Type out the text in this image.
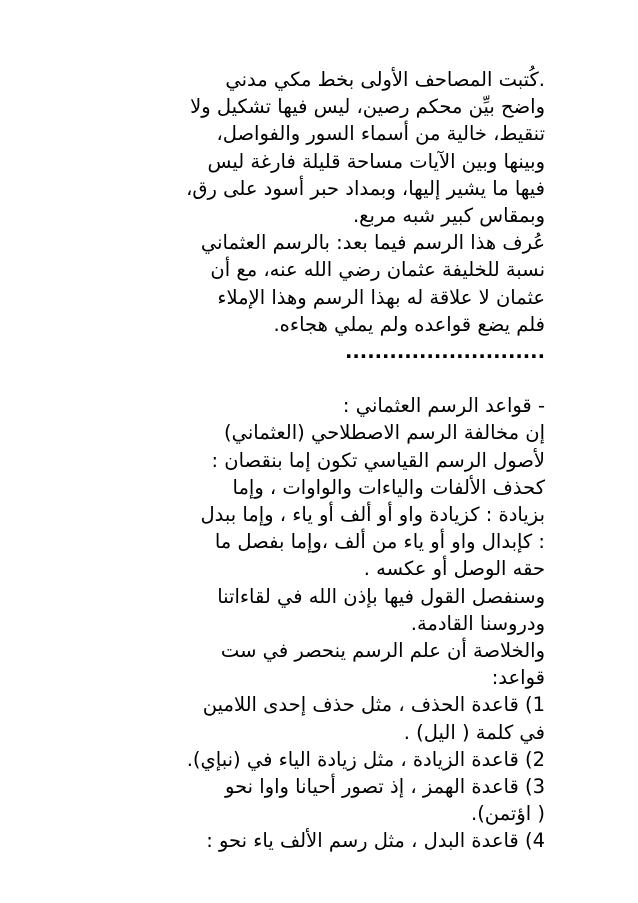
.كُتبت المصاحف الأولى بخط مكي مدني
واضح بيِّن محكم رصين، ليس فيها تشكيل ولا
تنقيط، خالية من أسماء السور والفواصل،
وبينها وبين الآيات مساحة قليلة فارغة ليس
فيها ما يشير إليها، وبمداد حبر أسود على رق،
وبمقاس كبير شبه مربع.
عُرف هذا الرسم فيما بعد: بالرسم العثماني
نسبة للخليفة عثمان رضي الله عنه، مع أن
عثمان لا علاقة له بهذا الرسم وهذا الإملاء
فلم يضع قواعده ولم يملي هجاءه.
...........................
- قواعد الرسم العثماني :
إن مخالفة الرسم الاصطلاحي (العثماني)
لأصول الرسم القياسي تكون إما بنقصان :
كحذف الألفات والياءات والواوات ، وإما
بزيادة : كزيادة واو أو ألف أو ياء ، وإما ببدل
: كإبدال واو أو ياء من ألف ،وإما بفصل ما
حقه الوصل أو عكسه .
وسنفصل القول فيها بإذن الله في لقاءاتنا
ودروسنا القادمة.
والخلاصة أن علم الرسم ينحصر في ست
قواعد:
1) قاعدة الحذف ، مثل حذف إحدى اللامين
في كلمة ( اليل) .
2) قاعدة الزيادة ، مثل زيادة الياء في (نبإي).
3) قاعدة الهمز ، إذ تصور أحيانا واوا نحو
( اؤتمن).
4) قاعدة البدل ، مثل رسم الألف ياء نحو :
